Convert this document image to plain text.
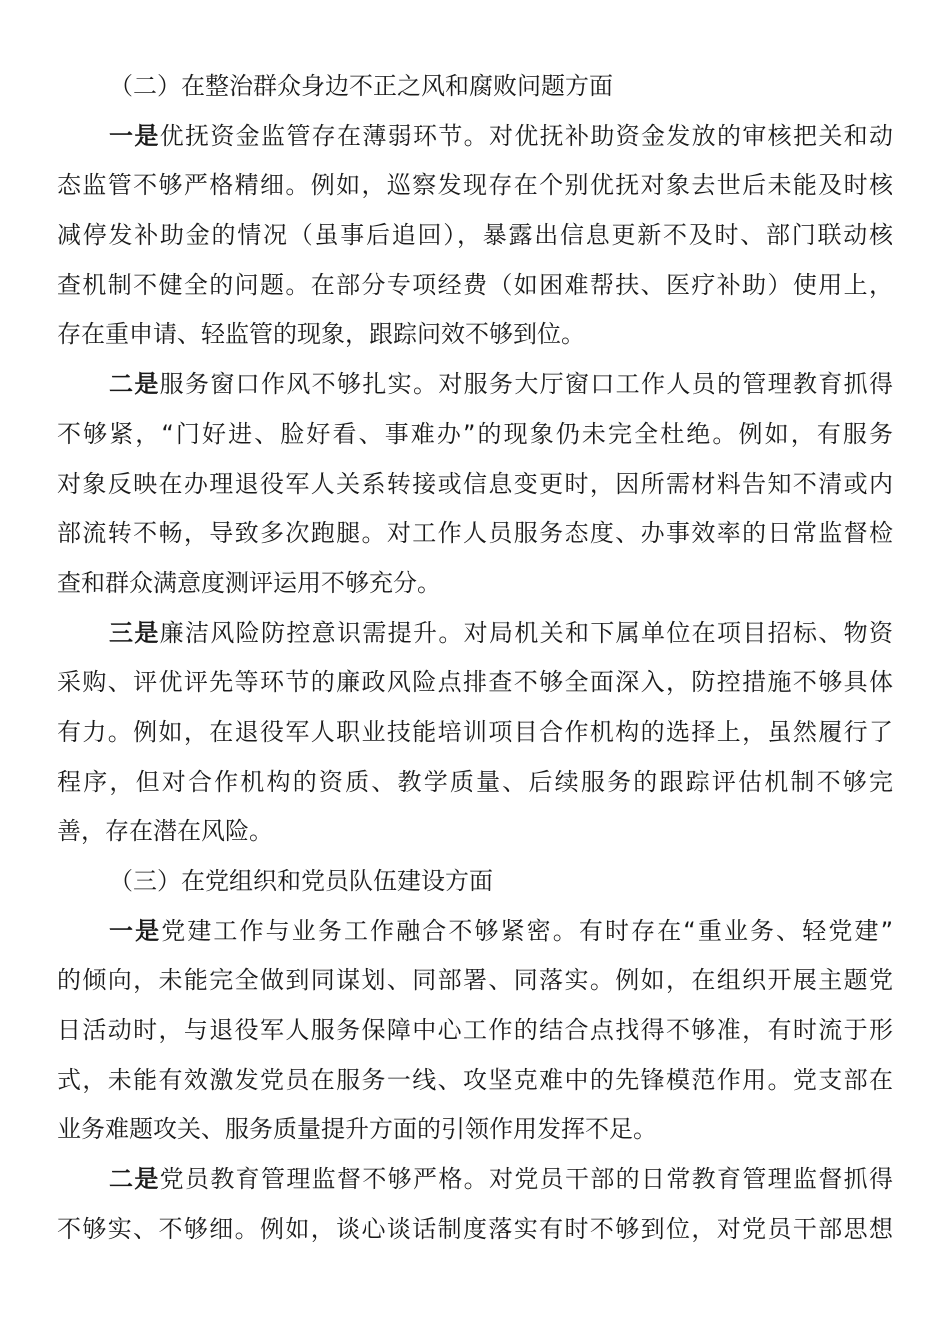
（二）在整治群众身边不正之风和腐败问题方面
一是优抚资金监管存在薄弱环节。对优抚补助资金发放的审核把关和动
态监管不够严格精细。例如，巡察发现存在个别优抚对象去世后未能及时核
减停发补助金的情况（虽事后追回），暴露出信息更新不及时、部门联动核
查机制不健全的问题。在部分专项经费（如困难帮扶、医疗补助）使用上，
存在重申请、轻监管的现象，跟踪问效不够到位。
二是服务窗口作风不够扎实。对服务大厅窗口工作人员的管理教育抓得
不够紧，“门好进、脸好看、事难办”的现象仍未完全杜绝。例如，有服务
对象反映在办理退役军人关系转接或信息变更时，因所需材料告知不清或内
部流转不畅，导致多次跑腿。对工作人员服务态度、办事效率的日常监督检
查和群众满意度测评运用不够充分。
三是廉洁风险防控意识需提升。对局机关和下属单位在项目招标、物资
采购、评优评先等环节的廉政风险点排查不够全面深入，防控措施不够具体
有力。例如，在退役军人职业技能培训项目合作机构的选择上，虽然履行了
程序，但对合作机构的资质、教学质量、后续服务的跟踪评估机制不够完
善，存在潜在风险。
（三）在党组织和党员队伍建设方面
一是党建工作与业务工作融合不够紧密。有时存在“重业务、轻党建”
的倾向，未能完全做到同谋划、同部署、同落实。例如，在组织开展主题党
日活动时，与退役军人服务保障中心工作的结合点找得不够准，有时流于形
式，未能有效激发党员在服务一线、攻坚克难中的先锋模范作用。党支部在
业务难题攻关、服务质量提升方面的引领作用发挥不足。
二是党员教育管理监督不够严格。对党员干部的日常教育管理监督抓得
不够实、不够细。例如，谈心谈话制度落实有时不够到位，对党员干部思想
